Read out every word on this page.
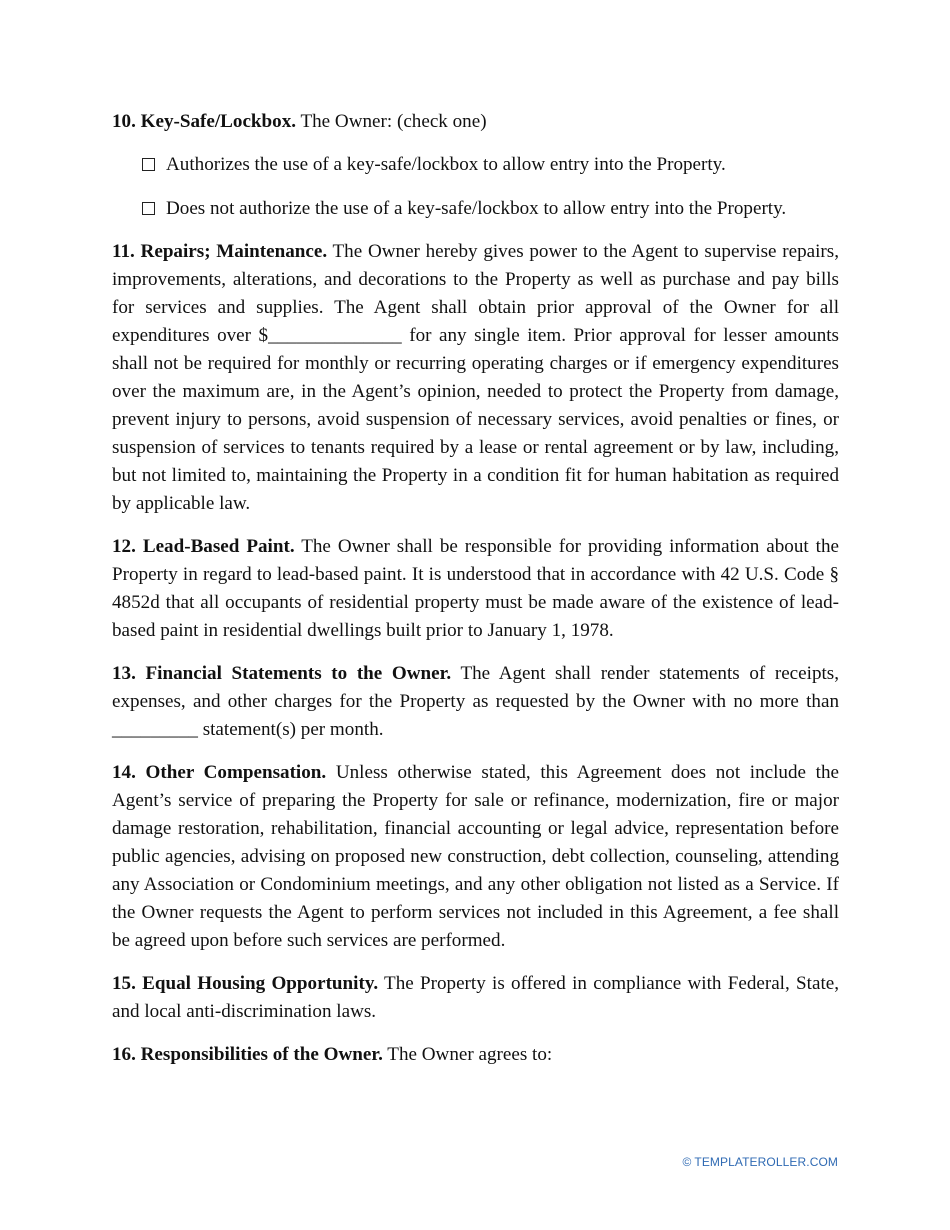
10. Key-Safe/Lockbox. The Owner: (check one)

Authorizes the use of a key-safe/lockbox to allow entry into the Property.
Does not authorize the use of a key-safe/lockbox to allow entry into the Property.

11. Repairs; Maintenance. The Owner hereby gives power to the Agent to supervise repairs, improvements, alterations, and decorations to the Property as well as purchase and pay bills for services and supplies. The Agent shall obtain prior approval of the Owner for all expenditures over $______________ for any single item. Prior approval for lesser amounts shall not be required for monthly or recurring operating charges or if emergency expenditures over the maximum are, in the Agent’s opinion, needed to protect the Property from damage, prevent injury to persons, avoid suspension of necessary services, avoid penalties or fines, or suspension of services to tenants required by a lease or rental agreement or by law, including, but not limited to, maintaining the Property in a condition fit for human habitation as required by applicable law.

12. Lead-Based Paint. The Owner shall be responsible for providing information about the Property in regard to lead-based paint. It is understood that in accordance with 42 U.S. Code § 4852d that all occupants of residential property must be made aware of the existence of lead-based paint in residential dwellings built prior to January 1, 1978.

13. Financial Statements to the Owner. The Agent shall render statements of receipts, expenses, and other charges for the Property as requested by the Owner with no more than _________ statement(s) per month.

14. Other Compensation. Unless otherwise stated, this Agreement does not include the Agent’s service of preparing the Property for sale or refinance, modernization, fire or major damage restoration, rehabilitation, financial accounting or legal advice, representation before public agencies, advising on proposed new construction, debt collection, counseling, attending any Association or Condominium meetings, and any other obligation not listed as a Service. If the Owner requests the Agent to perform services not included in this Agreement, a fee shall be agreed upon before such services are performed.

15. Equal Housing Opportunity. The Property is offered in compliance with Federal, State, and local anti-discrimination laws.

16. Responsibilities of the Owner. The Owner agrees to:

© TEMPLATEROLLER.COM
